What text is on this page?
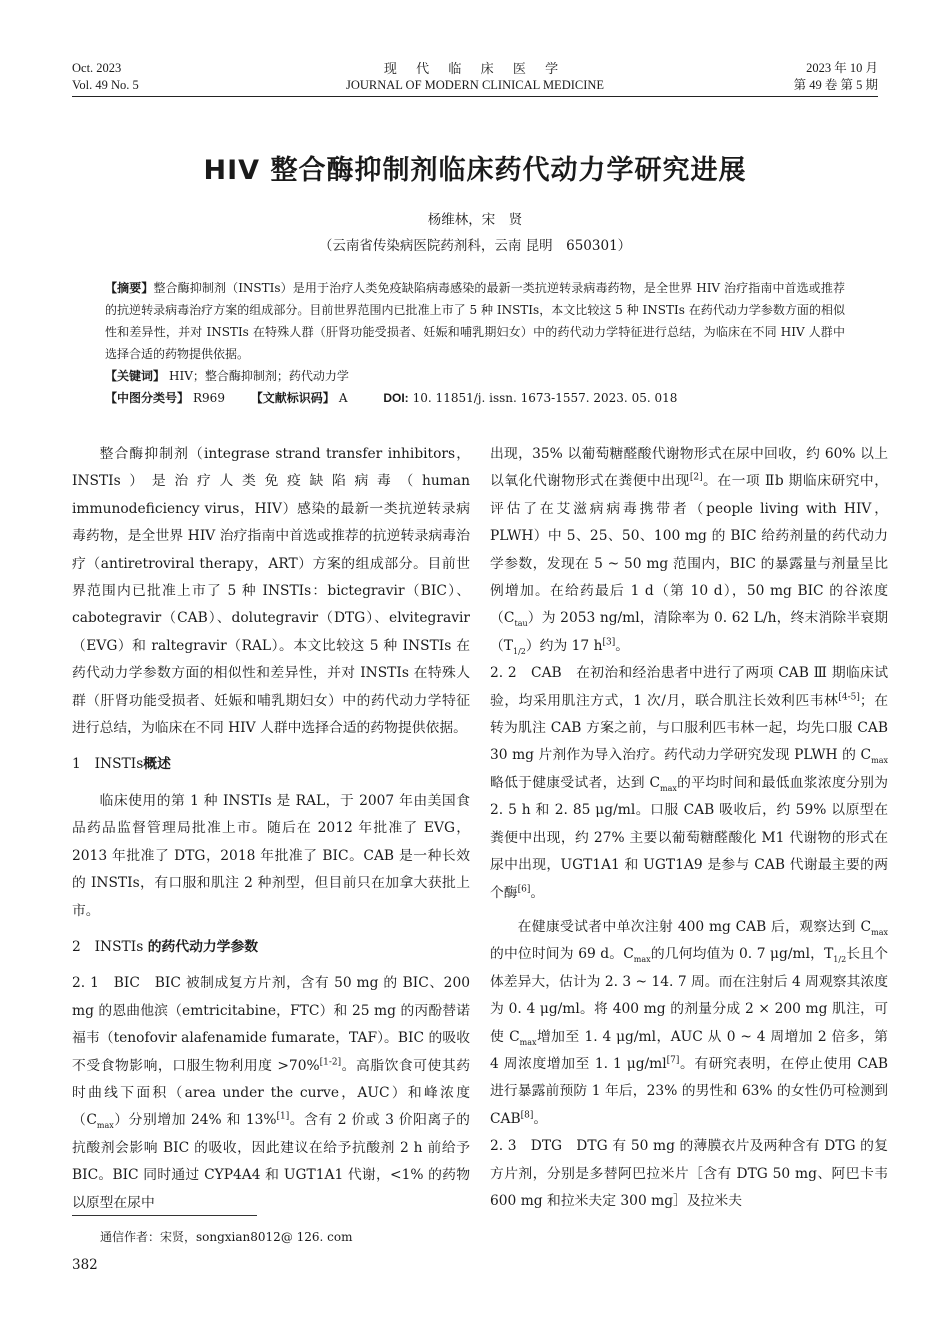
Oct. 2023
Vol. 49 No. 5
现 代 临 床 医 学
JOURNAL OF MODERN CLINICAL MEDICINE
2023 年 10 月
第 49 卷 第 5 期
HIV 整合酶抑制剂临床药代动力学研究进展
杨维林，宋　贤
（云南省传染病医院药剂科，云南 昆明　650301）
【摘要】整合酶抑制剂（INSTIs）是用于治疗人类免疫缺陷病毒感染的最新一类抗逆转录病毒药物，是全世界 HIV 治疗指南中首选或推荐的抗逆转录病毒治疗方案的组成部分。目前世界范围内已批准上市了 5 种 INSTIs，本文比较这 5 种 INSTIs 在药代动力学参数方面的相似性和差异性，并对 INSTIs 在特殊人群（肝肾功能受损者、妊娠和哺乳期妇女）中的药代动力学特征进行总结，为临床在不同 HIV 人群中选择合适的药物提供依据。
【关键词】 HIV；整合酶抑制剂；药代动力学
【中图分类号】 R969 【文献标识码】 A	DOI: 10. 11851/j. issn. 1673-1557. 2023. 05. 018

整合酶抑制剂（integrase strand transfer inhibitors，INSTIs）是治疗人类免疫缺陷病毒（human immunodeficiency virus，HIV）感染的最新一类抗逆转录病毒药物，是全世界 HIV 治疗指南中首选或推荐的抗逆转录病毒治疗（antiretroviral therapy，ART）方案的组成部分。目前世界范围内已批准上市了 5 种 INSTIs：bictegravir（BIC）、cabotegravir（CAB）、dolutegravir（DTG）、elvitegravir（EVG）和 raltegravir（RAL）。本文比较这 5 种 INSTIs 在药代动力学参数方面的相似性和差异性，并对 INSTIs 在特殊人群（肝肾功能受损者、妊娠和哺乳期妇女）中的药代动力学特征进行总结，为临床在不同 HIV 人群中选择合适的药物提供依据。

1　INSTIs概述

临床使用的第 1 种 INSTIs 是 RAL，于 2007 年由美国食品药品监督管理局批准上市。随后在 2012 年批准了 EVG，2013 年批准了 DTG，2018 年批准了 BIC。CAB 是一种长效的 INSTIs，有口服和肌注 2 种剂型，但目前只在加拿大获批上市。

2　INSTIs 的药代动力学参数

2. 1　BIC　BIC 被制成复方片剂，含有 50 mg 的 BIC、200 mg 的恩曲他滨（emtricitabine，FTC）和 25 mg 的丙酚替诺福韦（tenofovir alafenamide fumarate，TAF）。BIC 的吸收不受食物影响，口服生物利用度 >70%[1-2]。高脂饮食可使其药时曲线下面积（area under the curve，AUC）和峰浓度$(C_{max})$分别增加 24% 和 13%[1]。含有 2 价或 3 价阳离子的抗酸剂会影响 BIC 的吸收，因此建议在给予抗酸剂 2 h 前给予 BIC。BIC 同时通过 CYP4A4 和 UGT1A1 代谢，<1% 的药物以原型在尿中

出现，35% 以葡萄糖醛酸代谢物形式在尿中回收，约 60% 以上以氧化代谢物形式在粪便中出现[2]。在一项 Ⅱb 期临床研究中，评估了在艾滋病病毒携带者（people living with HIV，PLWH）中 5、25、50、100 mg 的 BIC 给药剂量的药代动力学参数，发现在 5 ~ 50 mg 范围内，BIC 的暴露量与剂量呈比例增加。在给药最后 1 d（第 10 d），50 mg BIC 的谷浓度$(C_{tau})$为 2053 ng/ml，清除率为 0. 62 L/h，终末消除半衰期$(T_{1/2})$约为 17 h[3]。

2. 2　CAB　在初治和经治患者中进行了两项 CAB Ⅲ 期临床试验，均采用肌注方式，1 次/月，联合肌注长效利匹韦林[4-5]；在转为肌注 CAB 方案之前，与口服利匹韦林一起，均先口服 CAB 30 mg 片剂作为导入治疗。药代动力学研究发现 PLWH 的 $C_{max}$略低于健康受试者，达到 $C_{max}$的平均时间和最低血浆浓度分别为 2. 5 h 和 2. 85 μg/ml。口服 CAB 吸收后，约 59% 以原型在粪便中出现，约 27% 主要以葡萄糖醛酸化 M1 代谢物的形式在尿中出现，UGT1A1 和 UGT1A9 是参与 CAB 代谢最主要的两个酶[6]。

在健康受试者中单次注射 400 mg CAB 后，观察达到 $C_{max}$的中位时间为 69 d。$C_{max}$的几何均值为 0. 7 μg/ml，$T_{1/2}$长且个体差异大，估计为 2. 3 ~ 14. 7 周。而在注射后 4 周观察其浓度为 0. 4 μg/ml。将 400 mg 的剂量分成 2 × 200 mg 肌注，可使 $C_{max}$增加至 1. 4 μg/ml，AUC 从 0 ~ 4 周增加 2 倍多，第 4 周浓度增加至 1. 1 μg/ml[7]。有研究表明，在停止使用 CAB 进行暴露前预防 1 年后，23% 的男性和 63% 的女性仍可检测到 CAB[8]。

2. 3　DTG　DTG 有 50 mg 的薄膜衣片及两种含有 DTG 的复方片剂，分别是多替阿巴拉米片［含有 DTG 50 mg、阿巴卡韦 600 mg 和拉米夫定 300 mg］及拉米夫

通信作者：宋贤，songxian8012@ 126. com
382
